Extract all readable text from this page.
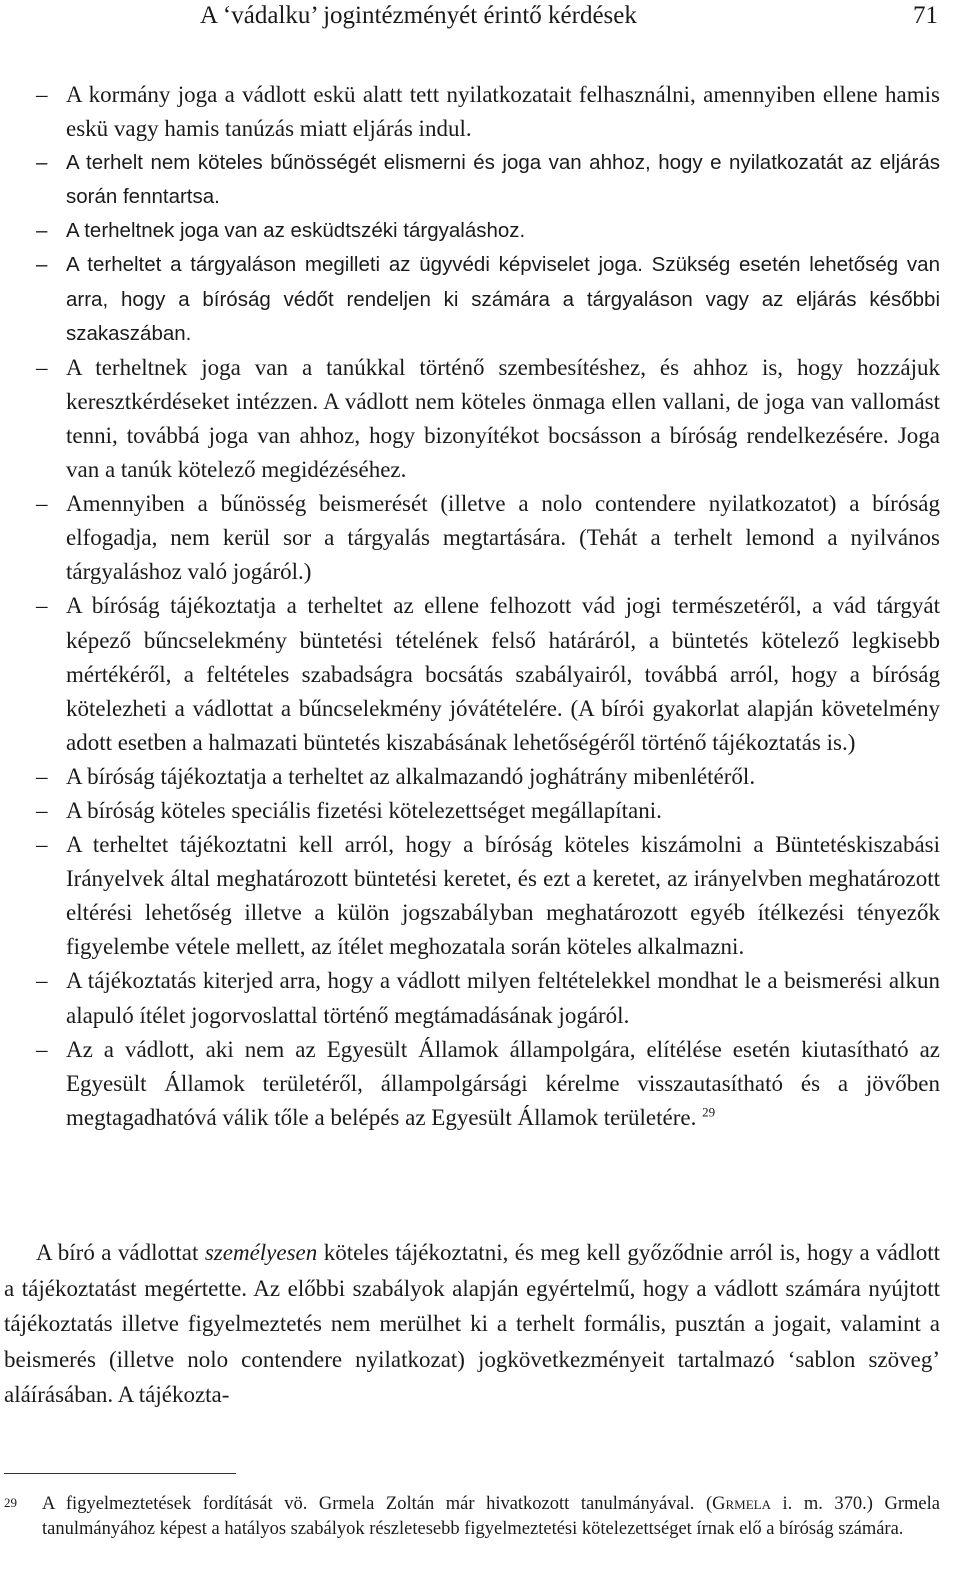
A ‘vádalku’ jogintézményét érintő kérdések	71
– A kormány joga a vádlott eskü alatt tett nyilatkozatait felhasználni, amennyiben ellene hamis eskü vagy hamis tanúzás miatt eljárás indul.
– A terhelt nem köteles bűnösségét elismerni és joga van ahhoz, hogy e nyilatkozatát az eljárás során fenntartsa.
– A terheltnek joga van az esküdtszéki tárgyaláshoz.
– A terheltet a tárgyaláson megilleti az ügyvédi képviselet joga. Szükség esetén lehetőség van arra, hogy a bíróság védőt rendeljen ki számára a tárgyaláson vagy az eljárás későbbi szakaszában.
– A terheltnek joga van a tanúkkal történő szembesítéshez, és ahhoz is, hogy hozzájuk keresztkérdéseket intézzen. A vádlott nem köteles önmaga ellen vallani, de joga van vallomást tenni, továbbá joga van ahhoz, hogy bizonyítékot bocsásson a bíróság rendelkezésére. Joga van a tanúk kötelező megidézéséhez.
– Amennyiben a bűnösség beismerését (illetve a nolo contendere nyilatkozatot) a bíróság elfogadja, nem kerül sor a tárgyalás megtartására. (Tehát a terhelt lemond a nyilvános tárgyaláshoz való jogáról.)
– A bíróság tájékoztatja a terheltet az ellene felhozott vád jogi természetéről, a vád tárgyát képező bűncselekmény büntetési tételének felső határáról, a büntetés kötelező legkisebb mértékéről, a feltételes szabadságra bocsátás szabályairól, továbbá arról, hogy a bíróság kötelezheti a vádlottat a bűncselekmény jóvátételére. (A bírói gyakorlat alapján követelmény adott esetben a halmazati büntetés kiszabásának lehetőségéről történő tájékoztatás is.)
– A bíróság tájékoztatja a terheltet az alkalmazandó joghátrány mibenlétéről.
– A bíróság köteles speciális fizetési kötelezettséget megállapítani.
– A terheltet tájékoztatni kell arról, hogy a bíróság köteles kiszámolni a Büntetéskiszabási Irányelvek által meghatározott büntetési keretet, és ezt a keretet, az irányelvben meghatározott eltérési lehetőség illetve a külön jogszabályban meghatározott egyéb ítélkezési tényezők figyelembe vétele mellett, az ítélet meghozatala során köteles alkalmazni.
– A tájékoztatás kiterjed arra, hogy a vádlott milyen feltételekkel mondhat le a beismerési alkun alapuló ítélet jogorvoslattal történő megtámadásának jogáról.
– Az a vádlott, aki nem az Egyesült Államok állampolgára, elítélése esetén kiutasítható az Egyesült Államok területéről, állampolgársági kérelme visszautasítható és a jövőben megtagadhatóvá válik tőle a belépés az Egyesült Államok területére. $^{29}$

A bíró a vádlottat személyesen köteles tájékoztatni, és meg kell győződnie arról is, hogy a vádlott a tájékoztatást megértette. Az előbbi szabályok alapján egyértelmű, hogy a vádlott számára nyújtott tájékoztatás illetve figyelmeztetés nem merülhet ki a terhelt formális, pusztán a jogait, valamint a beismerés (illetve nolo contendere nyilatkozat) jogkövetkezményeit tartalmazó ‘sablon szöveg’ aláírásában. A tájékozta-

29 A figyelmeztetések fordítását vö. Grmela Zoltán már hivatkozott tanulmányával. (Grmela i. m. 370.) Grmela tanulmányához képest a hatályos szabályok részletesebb figyelmeztetési kötelezettséget írnak elő a bíróság számára.
